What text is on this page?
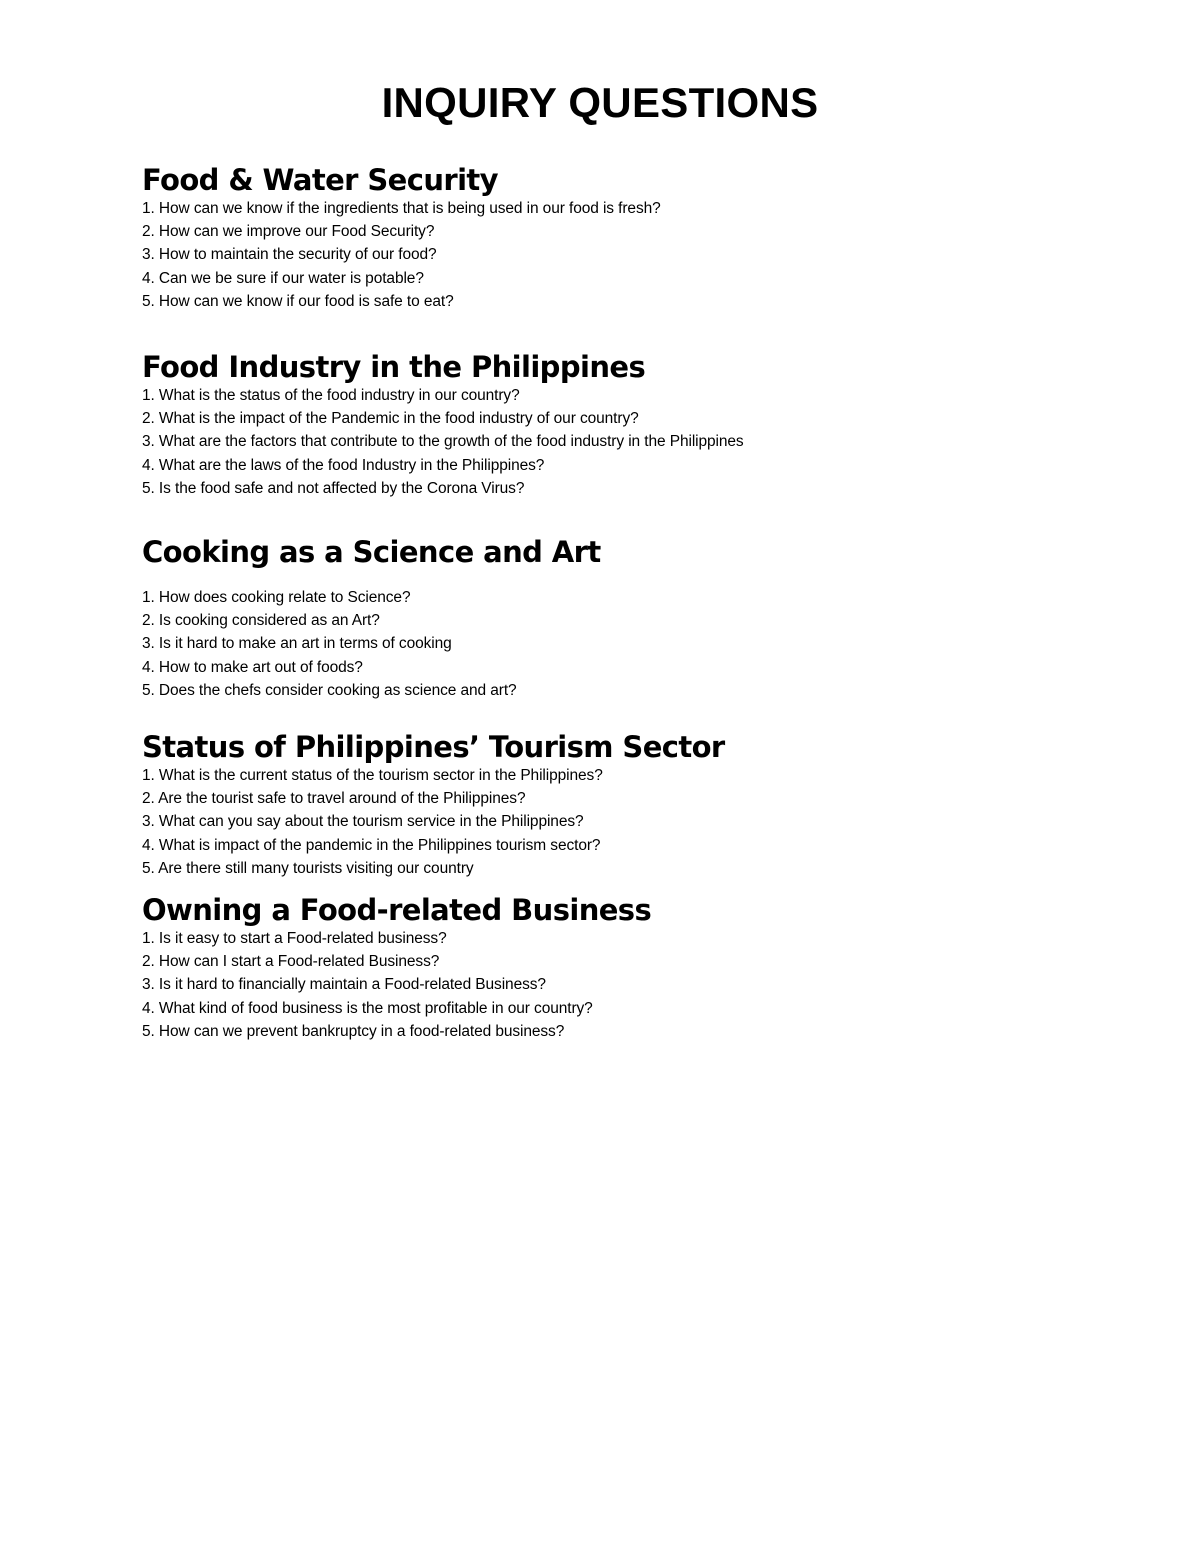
INQUIRY QUESTIONS
Food & Water Security
1. How can we know if the ingredients that is being used in our food is fresh?
2. How can we improve our Food Security?
3. How to maintain the security of our food?
4. Can we be sure if our water is potable?
5. How can we know if our food is safe to eat?
Food Industry in the Philippines
1. What is the status of the food industry in our country?
2. What is the impact of the Pandemic in the food industry of our country?
3. What are the factors that contribute to the growth of the food industry in the Philippines
4. What are the laws of the food Industry in the Philippines?
5. Is the food safe and not affected by the Corona Virus?
Cooking as a Science and Art
1. How does cooking relate to Science?
2. Is cooking considered as an Art?
3. Is it hard to make an art in terms of cooking
4. How to make art out of foods?
5. Does the chefs consider cooking as science and art?
Status of Philippines’ Tourism Sector
1. What is the current status of the tourism sector in the Philippines?
2. Are the tourist safe to travel around of the Philippines?
3. What can you say about the tourism service in the Philippines?
4. What is impact of the pandemic in the Philippines tourism sector?
5. Are there still many tourists visiting our country
Owning a Food-related Business
1. Is it easy to start a Food-related business?
2. How can I start a Food-related Business?
3. Is it hard to financially maintain a Food-related Business?
4. What kind of food business is the most profitable in our country?
5. How can we prevent bankruptcy in a food-related business?
